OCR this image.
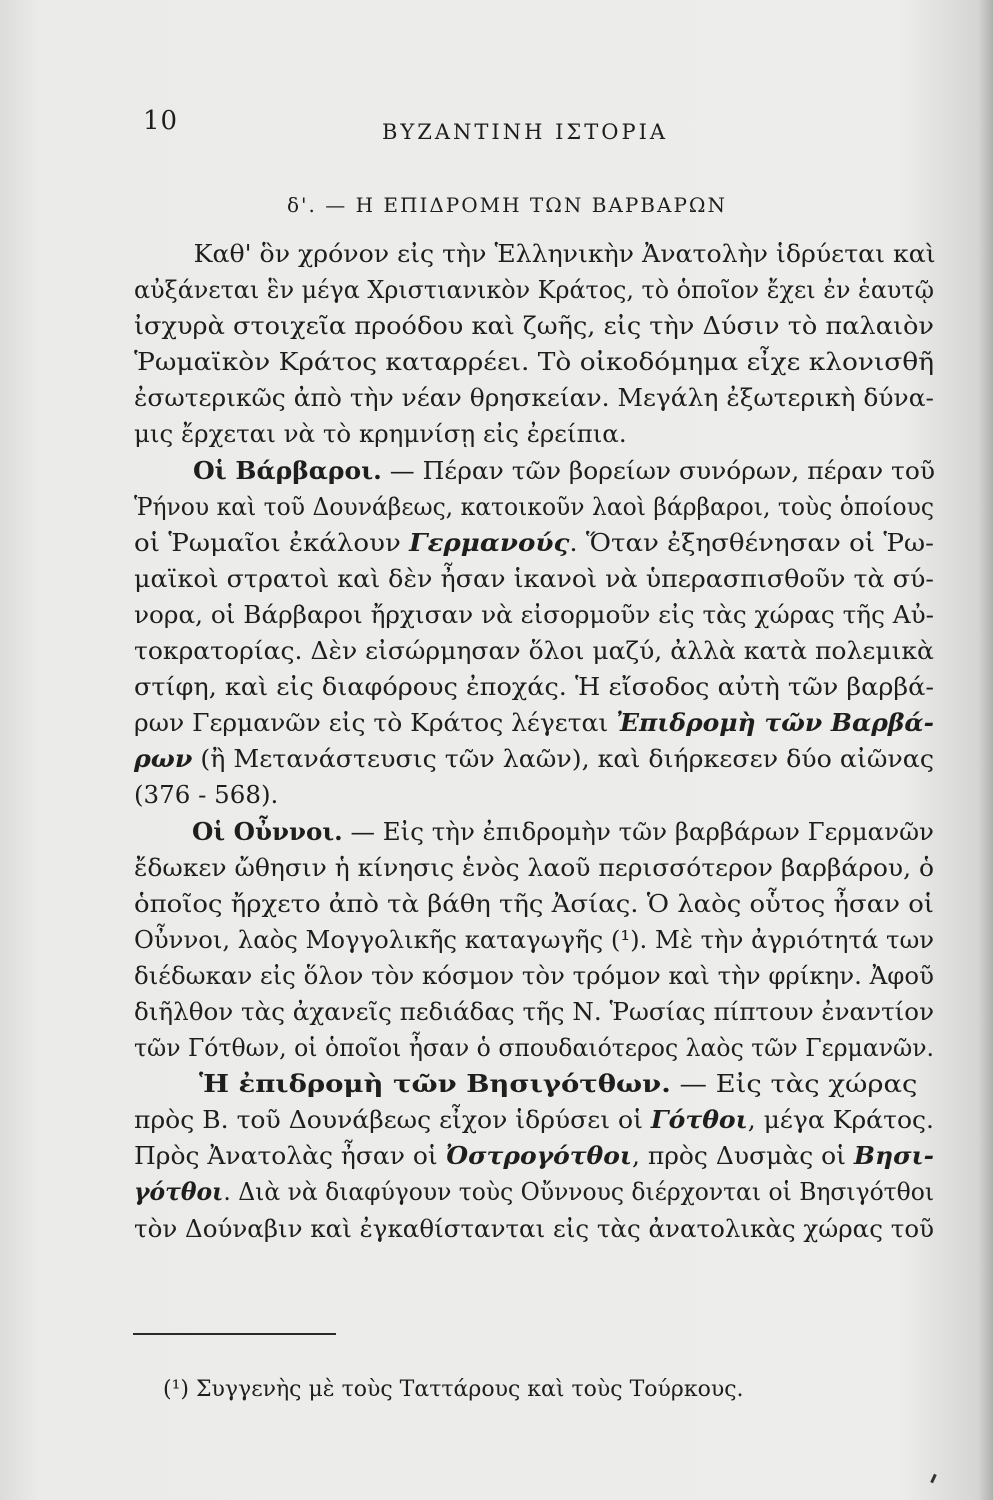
10	ΒΥΖΑΝΤΙΝΗ ΙΣΤΟΡΙΑ
δ'. — Η ΕΠΙΔΡΟΜΗ ΤΩΝ ΒΑΡΒΑΡΩΝ
Καθ' ὃν χρόνον εἰς τὴν Ἑλληνικὴν Ἀνατολὴν ἱδρύεται καὶ
αὐξάνεται ἓν μέγα Χριστιανικὸν Κράτος, τὸ ὁποῖον ἔχει ἐν ἑαυτῷ
ἰσχυρὰ στοιχεῖα προόδου καὶ ζωῆς, εἰς τὴν Δύσιν τὸ παλαιὸν
Ῥωμαϊκὸν Κράτος καταρρέει. Τὸ οἰκοδόμημα εἶχε κλονισθῆ
ἐσωτερικῶς ἀπὸ τὴν νέαν θρησκείαν. Μεγάλη ἐξωτερικὴ δύνα-
μις ἔρχεται νὰ τὸ κρημνίσῃ εἰς ἐρείπια.
Οἱ Βάρβαροι. — Πέραν τῶν βορείων συνόρων, πέραν τοῦ
Ῥήνου καὶ τοῦ Δουνάβεως, κατοικοῦν λαοὶ βάρβαροι, τοὺς ὁποίους
οἱ Ῥωμαῖοι ἐκάλουν Γερμανούς. Ὅταν ἐξησθένησαν οἱ Ῥω-
μαϊκοὶ στρατοὶ καὶ δὲν ἦσαν ἱκανοὶ νὰ ὑπερασπισθοῦν τὰ σύ-
νορα, οἱ Βάρβαροι ἤρχισαν νὰ εἰσορμοῦν εἰς τὰς χώρας τῆς Αὐ-
τοκρατορίας. Δὲν εἰσώρμησαν ὅλοι μαζύ, ἀλλὰ κατὰ πολεμικὰ
στίφη, καὶ εἰς διαφόρους ἐποχάς. Ἡ εἴσοδος αὐτὴ τῶν βαρβά-
ρων Γερμανῶν εἰς τὸ Κράτος λέγεται Ἐπιδρομὴ τῶν Βαρβά-
ρων (ἢ Μετανάστευσις τῶν λαῶν), καὶ διήρκεσεν δύο αἰῶνας
(376 - 568).
Οἱ Οὖννοι. — Εἰς τὴν ἐπιδρομὴν τῶν βαρβάρων Γερμανῶν
ἔδωκεν ὤθησιν ἡ κίνησις ἑνὸς λαοῦ περισσότερον βαρβάρου, ὁ
ὁποῖος ἤρχετο ἀπὸ τὰ βάθη τῆς Ἀσίας. Ὁ λαὸς οὗτος ἦσαν οἱ
Οὖννοι, λαὸς Μογγολικῆς καταγωγῆς (¹). Μὲ τὴν ἀγριότητά των
διέδωκαν εἰς ὅλον τὸν κόσμον τὸν τρόμον καὶ τὴν φρίκην. Ἀφοῦ
διῆλθον τὰς ἀχανεῖς πεδιάδας τῆς Ν. Ῥωσίας πίπτουν ἐναντίον
τῶν Γότθων, οἱ ὁποῖοι ἦσαν ὁ σπουδαιότερος λαὸς τῶν Γερμανῶν.
Ἡ ἐπιδρομὴ τῶν Βησιγότθων. — Εἰς τὰς χώρας
πρὸς Β. τοῦ Δουνάβεως εἶχον ἱδρύσει οἱ Γότθοι, μέγα Κράτος.
Πρὸς Ἀνατολὰς ἦσαν οἱ Ὀστρογότθοι, πρὸς Δυσμὰς οἱ Βησι-
γότθοι. Διὰ νὰ διαφύγουν τοὺς Οὔννους διέρχονται οἱ Βησιγότθοι
τὸν Δούναβιν καὶ ἐγκαθίστανται εἰς τὰς ἀνατολικὰς χώρας τοῦ
(¹) Συγγενὴς μὲ τοὺς Ταττάρους καὶ τοὺς Τούρκους.
